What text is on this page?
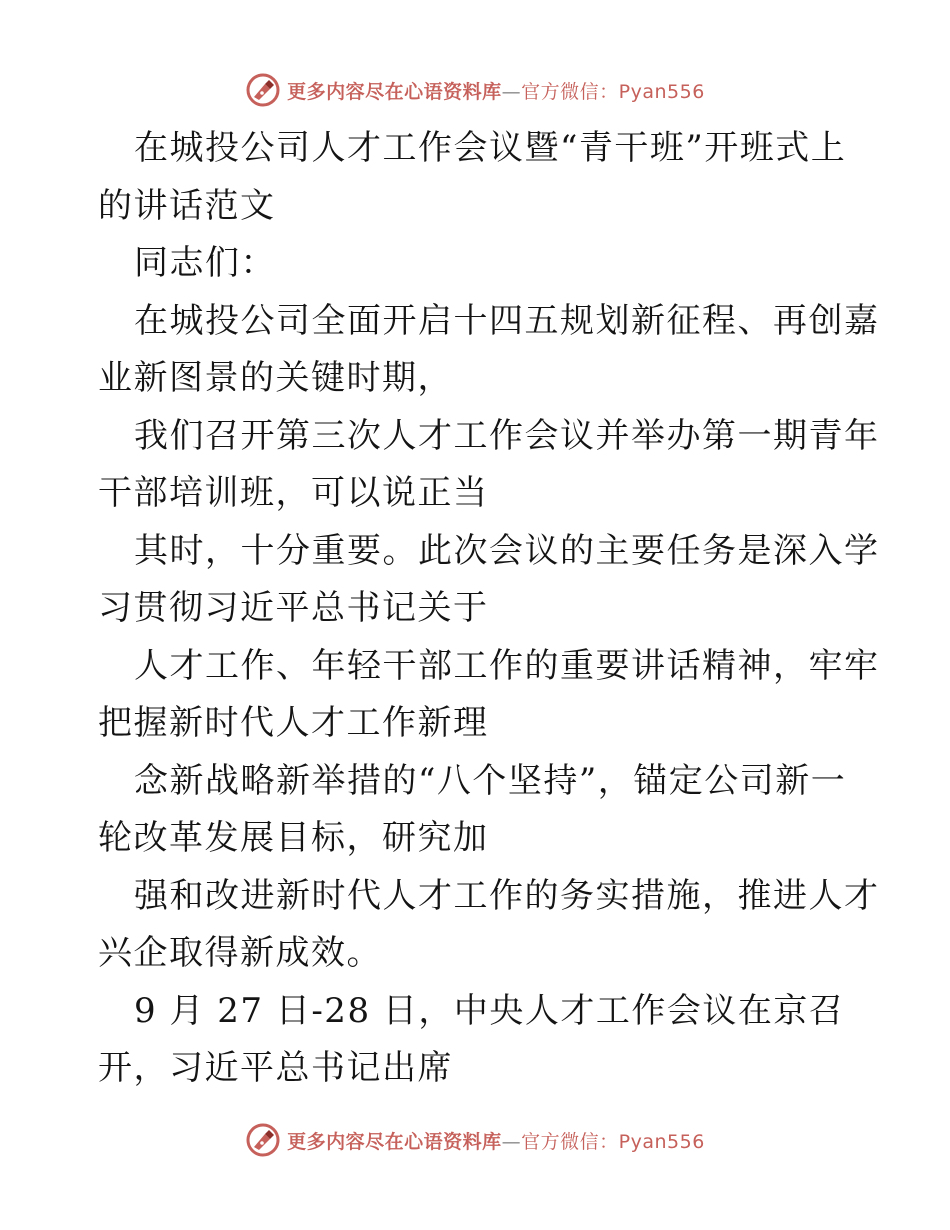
更多内容尽在心语资料库—官方微信：Pyan556
在城投公司人才工作会议暨“青干班”开班式上
的讲话范文
同志们：
在城投公司全面开启十四五规划新征程、再创嘉
业新图景的关键时期，
我们召开第三次人才工作会议并举办第一期青年
干部培训班，可以说正当
其时，十分重要。此次会议的主要任务是深入学
习贯彻习近平总书记关于
人才工作、年轻干部工作的重要讲话精神，牢牢
把握新时代人才工作新理
念新战略新举措的“八个坚持”，锚定公司新一
轮改革发展目标，研究加
强和改进新时代人才工作的务实措施，推进人才
兴企取得新成效。
9 月 27 日-28 日，中央人才工作会议在京召
开，习近平总书记出席
更多内容尽在心语资料库—官方微信：Pyan556
